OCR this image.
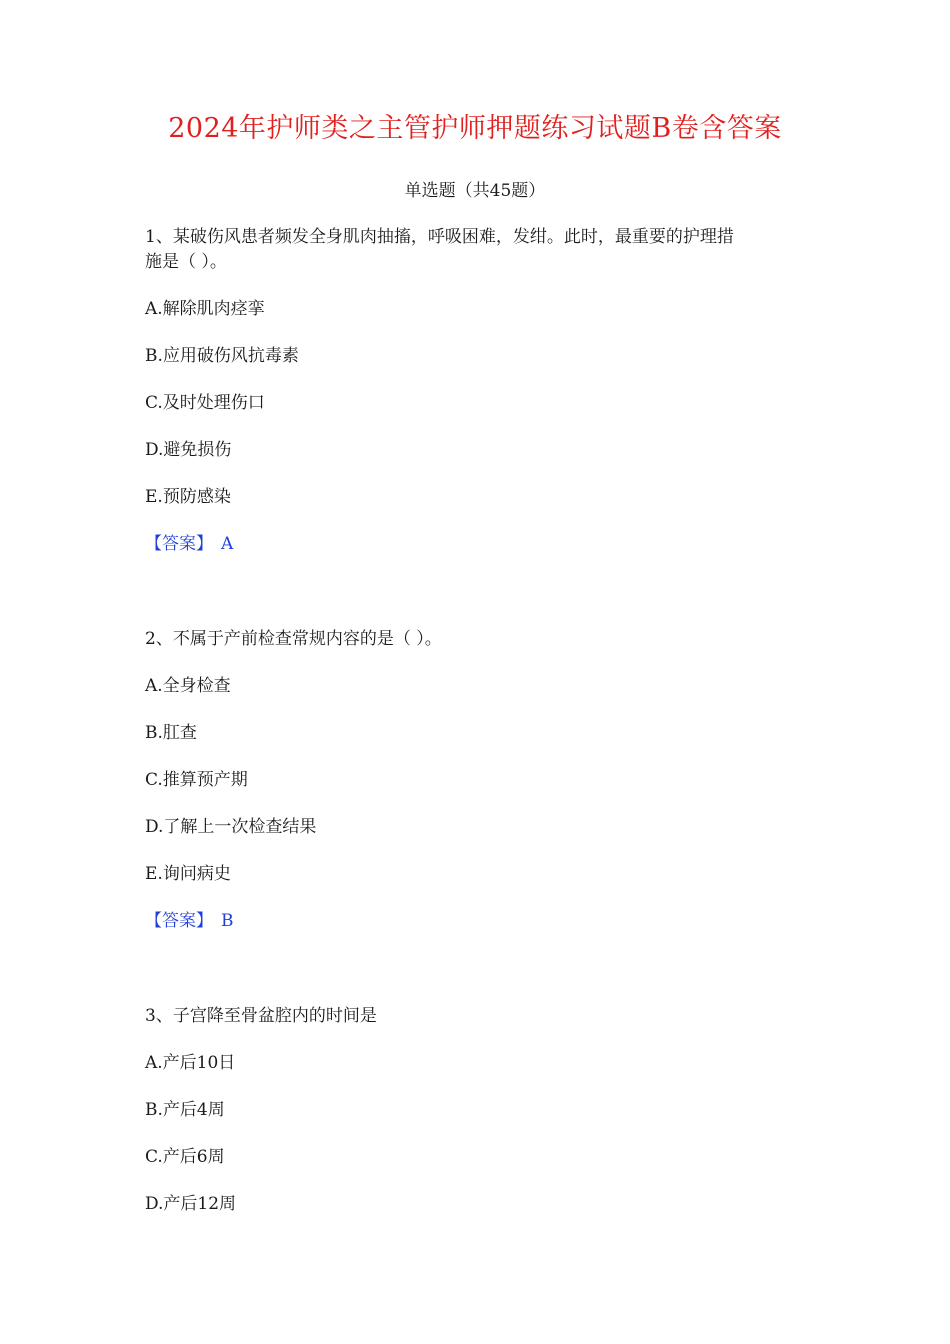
2024年护师类之主管护师押题练习试题B卷含答案
单选题（共45题）
1、某破伤风患者频发全身肌肉抽搐，呼吸困难，发绀。此时，最重要的护理措
施是（ ）。
A.解除肌肉痉挛
B.应用破伤风抗毒素
C.及时处理伤口
D.避免损伤
E.预防感染
【答案】 A
2、不属于产前检查常规内容的是（ ）。
A.全身检查
B.肛查
C.推算预产期
D.了解上一次检查结果
E.询问病史
【答案】 B
3、子宫降至骨盆腔内的时间是
A.产后10日
B.产后4周
C.产后6周
D.产后12周
